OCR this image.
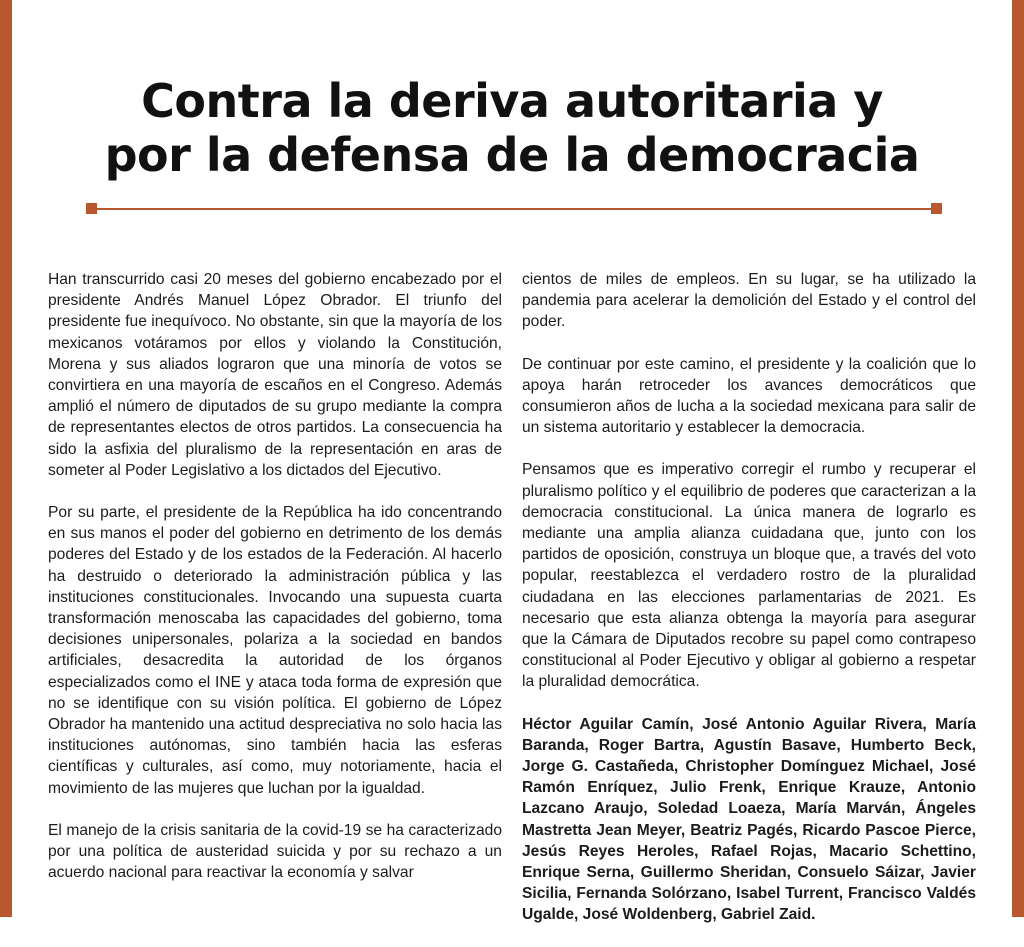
Contra la deriva autoritaria y
por la defensa de la democracia

Han transcurrido casi 20 meses del gobierno encabezado por el presidente Andrés Manuel López Obrador. El triunfo del presidente fue inequívoco. No obstante, sin que la mayoría de los mexicanos votáramos por ellos y violando la Constitución, Morena y sus aliados lograron que una minoría de votos se convirtiera en una mayoría de escaños en el Congreso. Además amplió el número de diputados de su grupo mediante la compra de representantes electos de otros partidos. La consecuencia ha sido la asfixia del pluralismo de la representación en aras de someter al Poder Legislativo a los dictados del Ejecutivo.

Por su parte, el presidente de la República ha ido concentrando en sus manos el poder del gobierno en detrimento de los demás poderes del Estado y de los estados de la Federación. Al hacerlo ha destruido o deteriorado la administración pública y las instituciones constitucionales. Invocando una supuesta cuarta transformación menoscaba las capacidades del gobierno, toma decisiones unipersonales, polariza a la sociedad en bandos artificiales, desacredita la autoridad de los órganos especializados como el INE y ataca toda forma de expresión que no se identifique con su visión política. El gobierno de López Obrador ha mantenido una actitud despreciativa no solo hacia las instituciones autónomas, sino también hacia las esferas científicas y culturales, así como, muy notoriamente, hacia el movimiento de las mujeres que luchan por la igualdad.

El manejo de la crisis sanitaria de la covid-19 se ha caracterizado por una política de austeridad suicida y por su rechazo a un acuerdo nacional para reactivar la economía y salvar

cientos de miles de empleos. En su lugar, se ha utilizado la pandemia para acelerar la demolición del Estado y el control del poder.

De continuar por este camino, el presidente y la coalición que lo apoya harán retroceder los avances democráticos que consumieron años de lucha a la sociedad mexicana para salir de un sistema autoritario y establecer la democracia.

Pensamos que es imperativo corregir el rumbo y recuperar el pluralismo político y el equilibrio de poderes que caracterizan a la democracia constitucional. La única manera de lograrlo es mediante una amplia alianza cuidadana que, junto con los partidos de oposición, construya un bloque que, a través del voto popular, reestablezca el verdadero rostro de la pluralidad ciudadana en las elecciones parlamentarias de 2021. Es necesario que esta alianza obtenga la mayoría para asegurar que la Cámara de Diputados recobre su papel como contrapeso constitucional al Poder Ejecutivo y obligar al gobierno a respetar la pluralidad democrática.

Héctor Aguilar Camín, José Antonio Aguilar Rivera, María Baranda, Roger Bartra, Agustín Basave, Humberto Beck, Jorge G. Castañeda, Christopher Domínguez Michael, José Ramón Enríquez, Julio Frenk, Enrique Krauze, Antonio Lazcano Araujo, Soledad Loaeza, María Marván, Ángeles Mastretta Jean Meyer, Beatriz Pagés, Ricardo Pascoe Pierce, Jesús Reyes Heroles, Rafael Rojas, Macario Schettino, Enrique Serna, Guillermo Sheridan, Consuelo Sáizar, Javier Sicilia, Fernanda Solórzano, Isabel Turrent, Francisco Valdés Ugalde, José Woldenberg, Gabriel Zaid.
